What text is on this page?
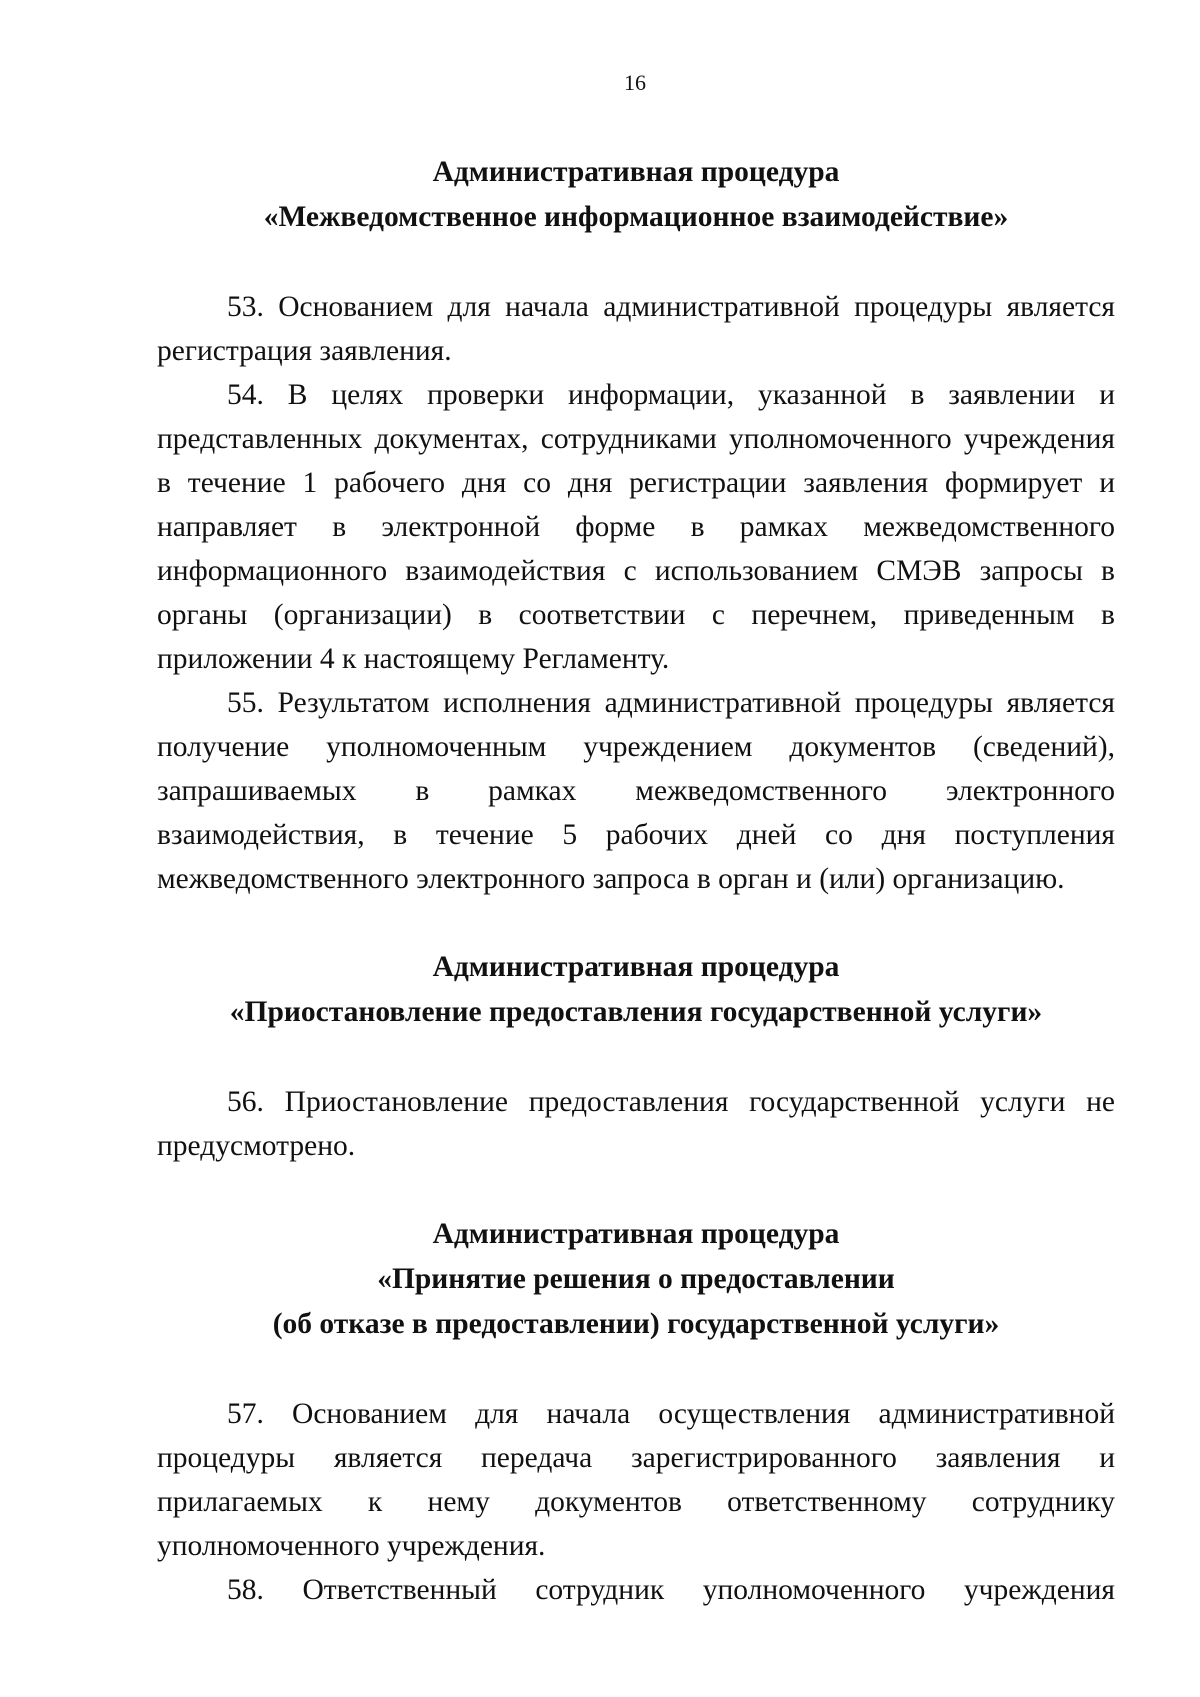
16
Административная процедура
«Межведомственное информационное взаимодействие»

53. Основанием для начала административной процедуры является регистрация заявления.

54. В целях проверки информации, указанной в заявлении и представленных документах, сотрудниками уполномоченного учреждения в течение 1 рабочего дня со дня регистрации заявления формирует и направляет в электронной форме в рамках межведомственного информационного взаимодействия с использованием СМЭВ запросы в органы (организации) в соответствии с перечнем, приведенным в приложении 4 к настоящему Регламенту.

55. Результатом исполнения административной процедуры является получение уполномоченным учреждением документов (сведений), запрашиваемых в рамках межведомственного электронного взаимодействия, в течение 5 рабочих дней со дня поступления межведомственного электронного запроса в орган и (или) организацию.

Административная процедура
«Приостановление предоставления государственной услуги»

56. Приостановление предоставления государственной услуги не предусмотрено.

Административная процедура
«Принятие решения о предоставлении
(об отказе в предоставлении) государственной услуги»

57. Основанием для начала осуществления административной процедуры является передача зарегистрированного заявления и прилагаемых к нему документов ответственному сотруднику уполномоченного учреждения.

58. Ответственный сотрудник уполномоченного учреждения
